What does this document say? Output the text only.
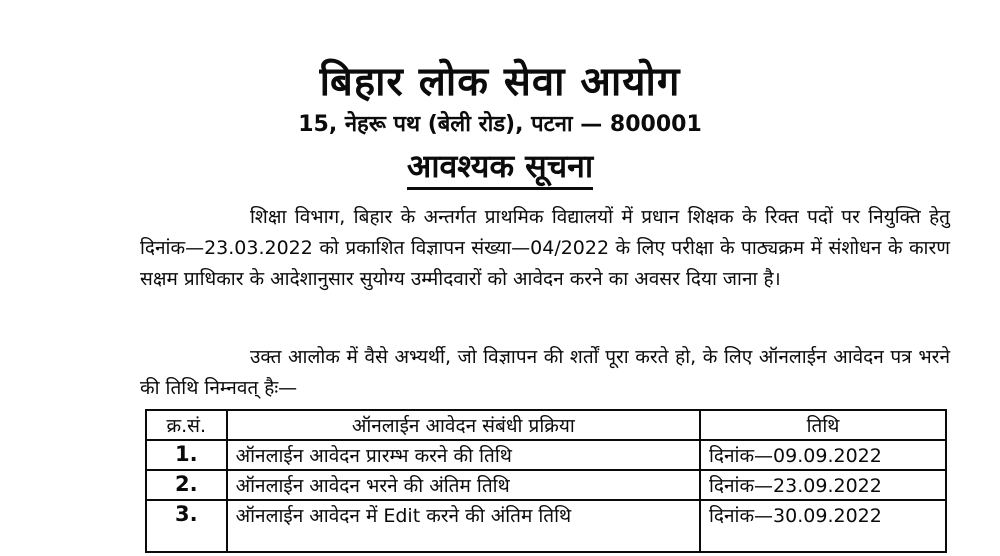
बिहार लोक सेवा आयोग
15, नेहरू पथ (बेली रोड), पटना — 800001
आवश्यक सूचना

शिक्षा विभाग, बिहार के अन्तर्गत प्राथमिक विद्यालयों में प्रधान शिक्षक के रिक्त पदों पर नियुक्ति हेतु दिनांक—23.03.2022 को प्रकाशित विज्ञापन संख्या—04/2022 के लिए परीक्षा के पाठ्यक्रम में संशोधन के कारण सक्षम प्राधिकार के आदेशानुसार सुयोग्य उम्मीदवारों को आवेदन करने का अवसर दिया जाना है।

उक्त आलोक में वैसे अभ्यर्थी, जो विज्ञापन की शर्तों पूरा करते हो, के लिए ऑनलाईन आवेदन पत्र भरने की तिथि निम्नवत् हैः—

क्र.सं.	ऑनलाईन आवेदन संबंधी प्रक्रिया	तिथि
1.	ऑनलाईन आवेदन प्रारम्भ करने की तिथि	दिनांक—09.09.2022
2.	ऑनलाईन आवेदन भरने की अंतिम तिथि	दिनांक—23.09.2022
3.	ऑनलाईन आवेदन में Edit करने की अंतिम तिथि	दिनांक—30.09.2022
